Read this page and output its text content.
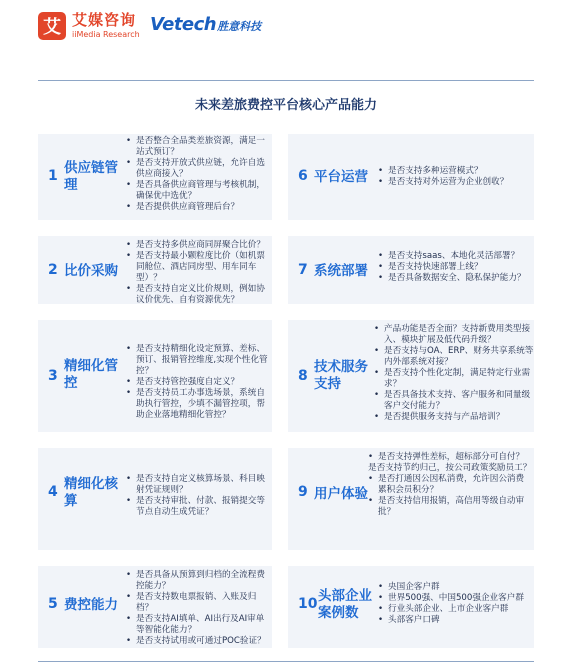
艾 艾媒咨询
iiMedia Research Vetech 胜意科技
未来差旅费控平台核心产品能力
1 供应链管理
• 是否整合全品类差旅资源，满足一站式预订？
• 是否支持开放式供应链，允许自选供应商接入？
• 是否具备供应商管理与考核机制，确保优中选优？
• 是否提供供应商管理后台？
6 平台运营
•	是否支持多种运营模式？
• 是否支持对外运营为企业创收？
2 比价采购
• 是否支持多供应商同屏聚合比价？
• 是否支持最小颗粒度比价（如机票同舱位、酒店同房型、用车同车型）？
• 是否支持自定义比价规则，例如协议价优先、自有资源优先？
7 系统部署
• 是否支持saas、本地化灵活部署？
• 是否支持快速部署上线？
• 是否具备数据安全、隐私保护能力？
3
精细化管控
• 是否支持精细化设定预算、差标、预订、报销管控维度,实现个性化管控？
• 是否支持管控强度自定义？
• 是否支持员工办事选场景，系统自助执行管控，少填不漏管控项，帮助企业落地精细化管控？
8
技术服务支持
• 产品功能是否全面？支持新费用类型接入、模块扩展及低代码升级？
• 是否支持与OA、ERP、财务共享系统等内外部系统对接？
• 是否支持个性化定制，满足特定行业需求？
• 是否具备技术支持、客户服务和同量级客户交付能力？
• 是否提供服务支持与产品培训？
4 精细化核算
• 是否支持自定义核算场景、科目映射凭证规则？
• 是否支持审批、付款、报销提交等节点自动生成凭证？
9 用户体验
• 是否支持弹性差标，超标部分可自付？
是否支持节约归己，按公司政策奖励员工？
• 是否打通因公因私消费，允许因公消费累积会员积分？
• 是否支持信用报销，高信用等级自动审批？
5 费控能力
• 是否具备从预算到归档的全流程费控能力？
• 是否支持数电票报销、入账及归档？
• 是否支持AI填单、AI出行及AI审单等智能化能力？
• 是否支持试用或可通过POC验证？
10 头部企业案例数
• 央国企客户群
• 世界500强、中国500强企业客户群
• 行业头部企业、上市企业客户群
• 头部客户口碑
